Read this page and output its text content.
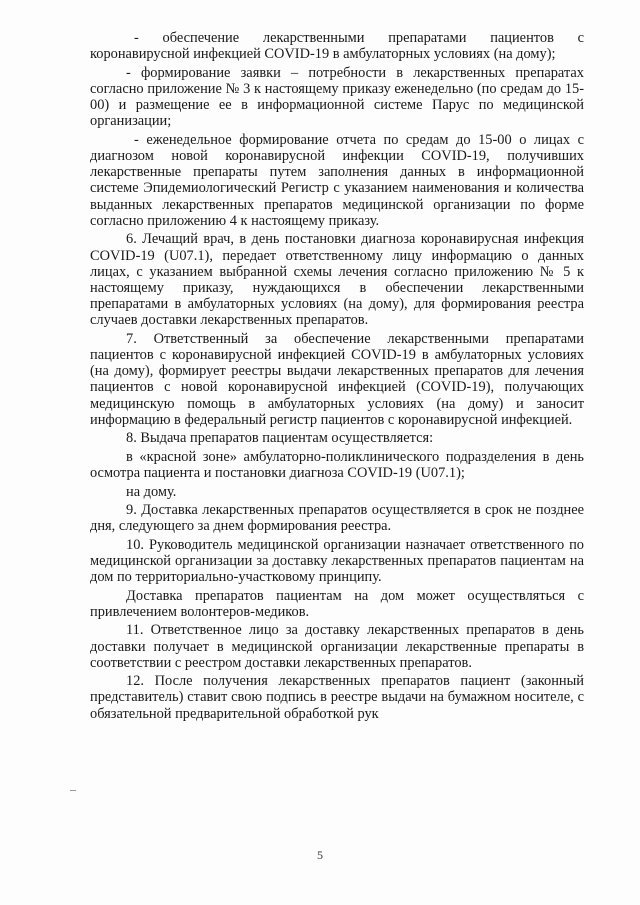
- обеспечение лекарственными препаратами пациентов с коронавирусной инфекцией COVID-19 в амбулаторных условиях (на дому);

- формирование заявки – потребности в лекарственных препаратах согласно приложение № 3 к настоящему приказу еженедельно (по средам до 15-00) и размещение ее в информационной системе Парус по медицинской организации;

- еженедельное формирование отчета по средам до 15-00 о лицах с диагнозом новой коронавирусной инфекции COVID-19, получивших лекарственные препараты путем заполнения данных в информационной системе Эпидемиологический Регистр с указанием наименования и количества выданных лекарственных препаратов медицинской организации по форме согласно приложению 4 к настоящему приказу.

6. Лечащий врач, в день постановки диагноза коронавирусная инфекция COVID-19 (U07.1), передает ответственному лицу информацию о данных лицах, с указанием выбранной схемы лечения согласно приложению № 5 к настоящему приказу, нуждающихся в обеспечении лекарственными препаратами в амбулаторных условиях (на дому), для формирования реестра случаев доставки лекарственных препаратов.

7. Ответственный за обеспечение лекарственными препаратами пациентов с коронавирусной инфекцией COVID-19 в амбулаторных условиях (на дому), формирует реестры выдачи лекарственных препаратов для лечения пациентов с новой коронавирусной инфекцией (COVID-19), получающих медицинскую помощь в амбулаторных условиях (на дому) и заносит информацию в федеральный регистр пациентов с коронавирусной инфекцией.

8. Выдача препаратов пациентам осуществляется:

в «красной зоне» амбулаторно-поликлинического подразделения в день осмотра пациента и постановки диагноза COVID-19 (U07.1);

на дому.

9. Доставка лекарственных препаратов осуществляется в срок не позднее дня, следующего за днем формирования реестра.

10. Руководитель медицинской организации назначает ответственного по медицинской организации за доставку лекарственных препаратов пациентам на дом по территориально-участковому принципу.

Доставка препаратов пациентам на дом может осуществляться с привлечением волонтеров-медиков.

11. Ответственное лицо за доставку лекарственных препаратов в день доставки получает в медицинской организации лекарственные препараты в соответствии с реестром доставки лекарственных препаратов.

12. После получения лекарственных препаратов пациент (законный представитель) ставит свою подпись в реестре выдачи на бумажном носителе, с обязательной предварительной обработкой рук

5
